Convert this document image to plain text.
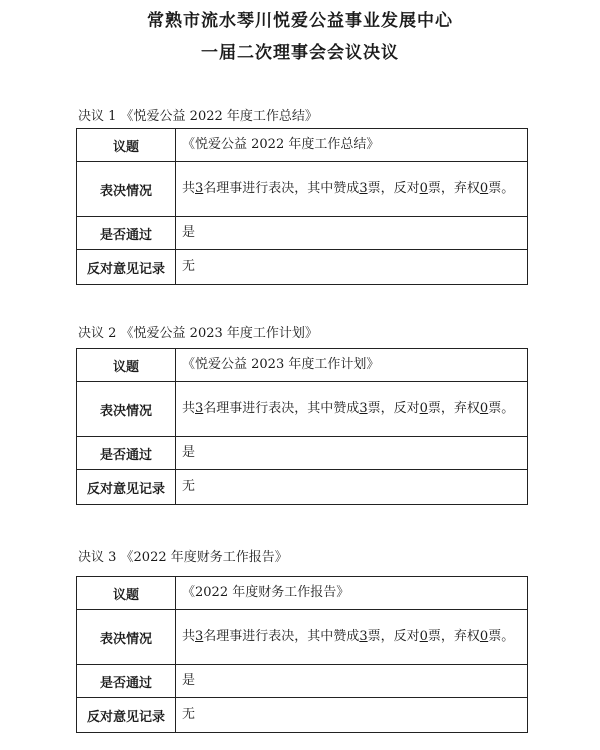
常熟市流水琴川悦爱公益事业发展中心
一届二次理事会会议决议
决议 1 《悦爱公益 2022 年度工作总结》
议题	《悦爱公益 2022 年度工作总结》
表决情况	共3名理事进行表决，其中赞成3票，反对0票，弃权0票。
是否通过	是
反对意见记录	无
决议 2 《悦爱公益 2023 年度工作计划》
议题	《悦爱公益 2023 年度工作计划》
表决情况	共3名理事进行表决，其中赞成3票，反对0票，弃权0票。
是否通过	是
反对意见记录	无
决议 3 《2022 年度财务工作报告》
议题	《2022 年度财务工作报告》
表决情况	共3名理事进行表决，其中赞成3票，反对0票，弃权0票。
是否通过	是
反对意见记录	无
